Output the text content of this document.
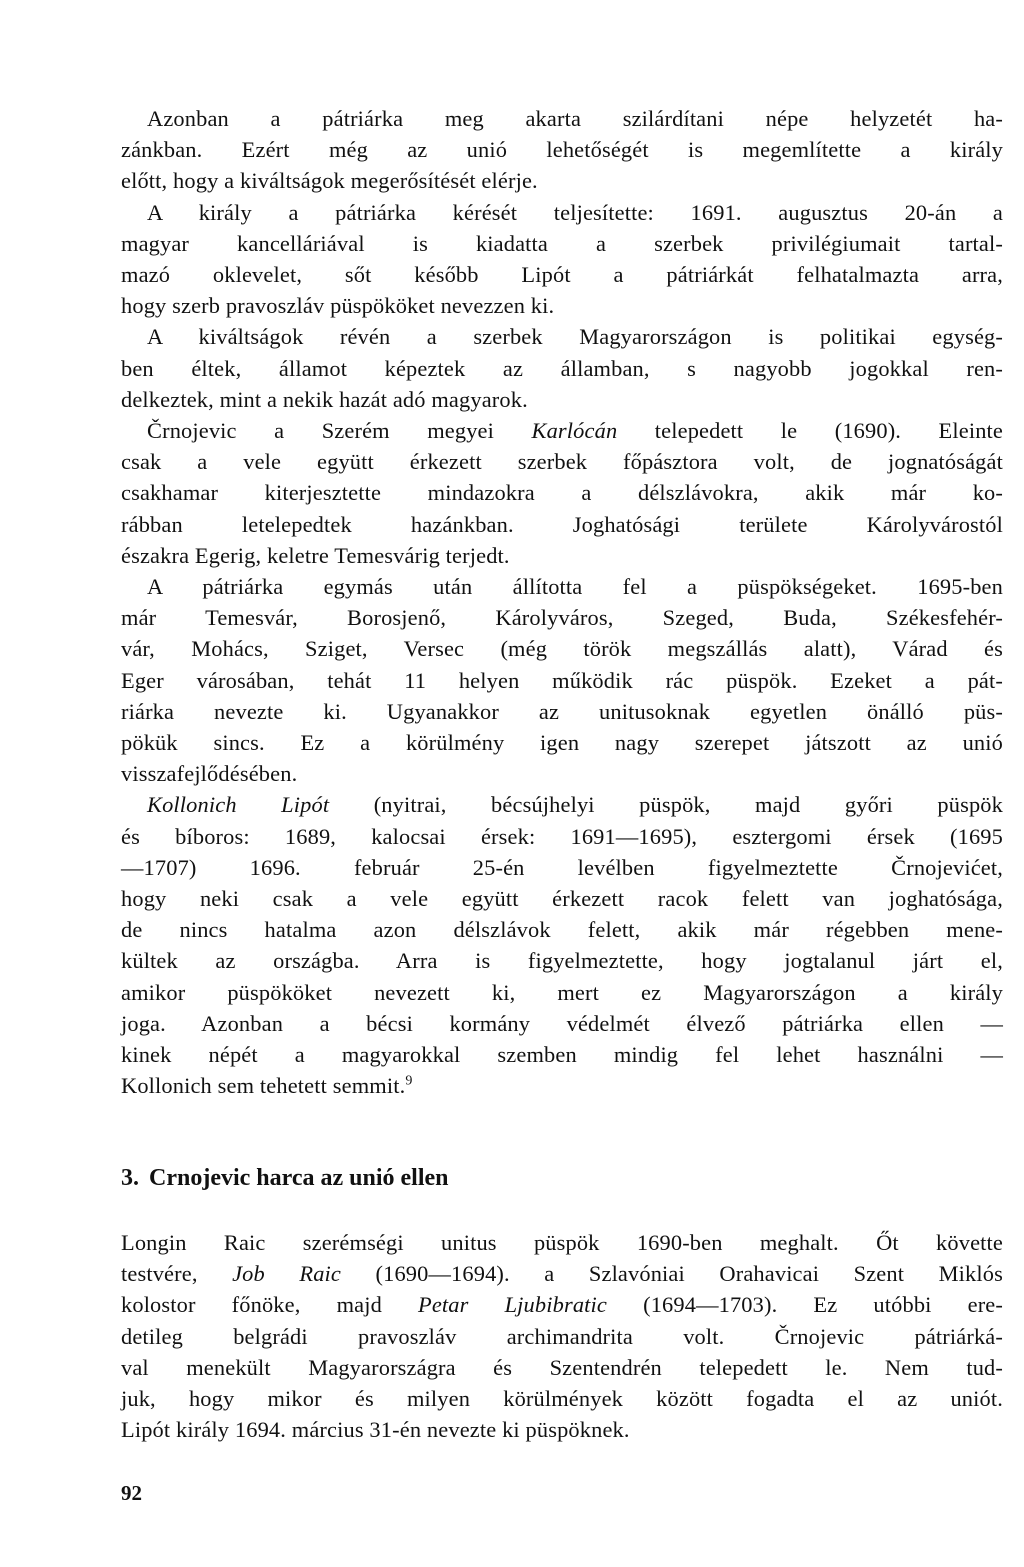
Azonban a pátriárka meg akarta szilárdítani népe helyzetét ha-
zánkban. Ezért még az unió lehetőségét is megemlítette a király
előtt, hogy a kiváltságok megerősítését elérje.
A király a pátriárka kérését teljesítette: 1691. augusztus 20-án a
magyar kancelláriával is kiadatta a szerbek privilégiumait tartal-
mazó oklevelet, sőt később Lipót a pátriárkát felhatalmazta arra,
hogy szerb pravoszláv püspököket nevezzen ki.
A kiváltságok révén a szerbek Magyarországon is politikai egység-
ben éltek, államot képeztek az államban, s nagyobb jogokkal ren-
delkeztek, mint a nekik hazát adó magyarok.
Črnojevic a Szerém megyei Karlócán telepedett le (1690). Eleinte
csak a vele együtt érkezett szerbek főpásztora volt, de jognatóságát
csakhamar kiterjesztette mindazokra a délszlávokra, akik már ko-
rábban letelepedtek hazánkban. Joghatósági területe Károlyvárostól
északra Egerig, keletre Temesvárig terjedt.
A pátriárka egymás után állította fel a püspökségeket. 1695-ben
már Temesvár, Borosjenő, Károlyváros, Szeged, Buda, Székesfehér-
vár, Mohács, Sziget, Versec (még török megszállás alatt), Várad és
Eger városában, tehát 11 helyen működik rác püspök. Ezeket a pát-
riárka nevezte ki. Ugyanakkor az unitusoknak egyetlen önálló püs-
pökük sincs. Ez a körülmény igen nagy szerepet játszott az unió
visszafejlődésében.
Kollonich Lipót (nyitrai, bécsújhelyi püspök, majd győri püspök
és bíboros: 1689, kalocsai érsek: 1691—1695), esztergomi érsek (1695
—1707) 1696. február 25-én levélben figyelmeztette Črnojevićet,
hogy neki csak a vele együtt érkezett racok felett van joghatósága,
de nincs hatalma azon délszlávok felett, akik már régebben mene-
kültek az országba. Arra is figyelmeztette, hogy jogtalanul járt el,
amikor püspököket nevezett ki, mert ez Magyarországon a király
joga. Azonban a bécsi kormány védelmét élvező pátriárka ellen —
kinek népét a magyarokkal szemben mindig fel lehet használni —
Kollonich sem tehetett semmit.$^9$
3. Crnojevic harca az unió ellen
Longin Raic szerémségi unitus püspök 1690-ben meghalt. Őt követte
testvére, Job Raic (1690—1694). a Szlavóniai Orahavicai Szent Miklós
kolostor főnöke, majd Petar Ljubibratic (1694—1703). Ez utóbbi ere-
detileg belgrádi pravoszláv archimandrita volt. Črnojevic pátriárká-
val menekült Magyarországra és Szentendrén telepedett le. Nem tud-
juk, hogy mikor és milyen körülmények között fogadta el az uniót.
Lipót király 1694. március 31-én nevezte ki püspöknek.
92
